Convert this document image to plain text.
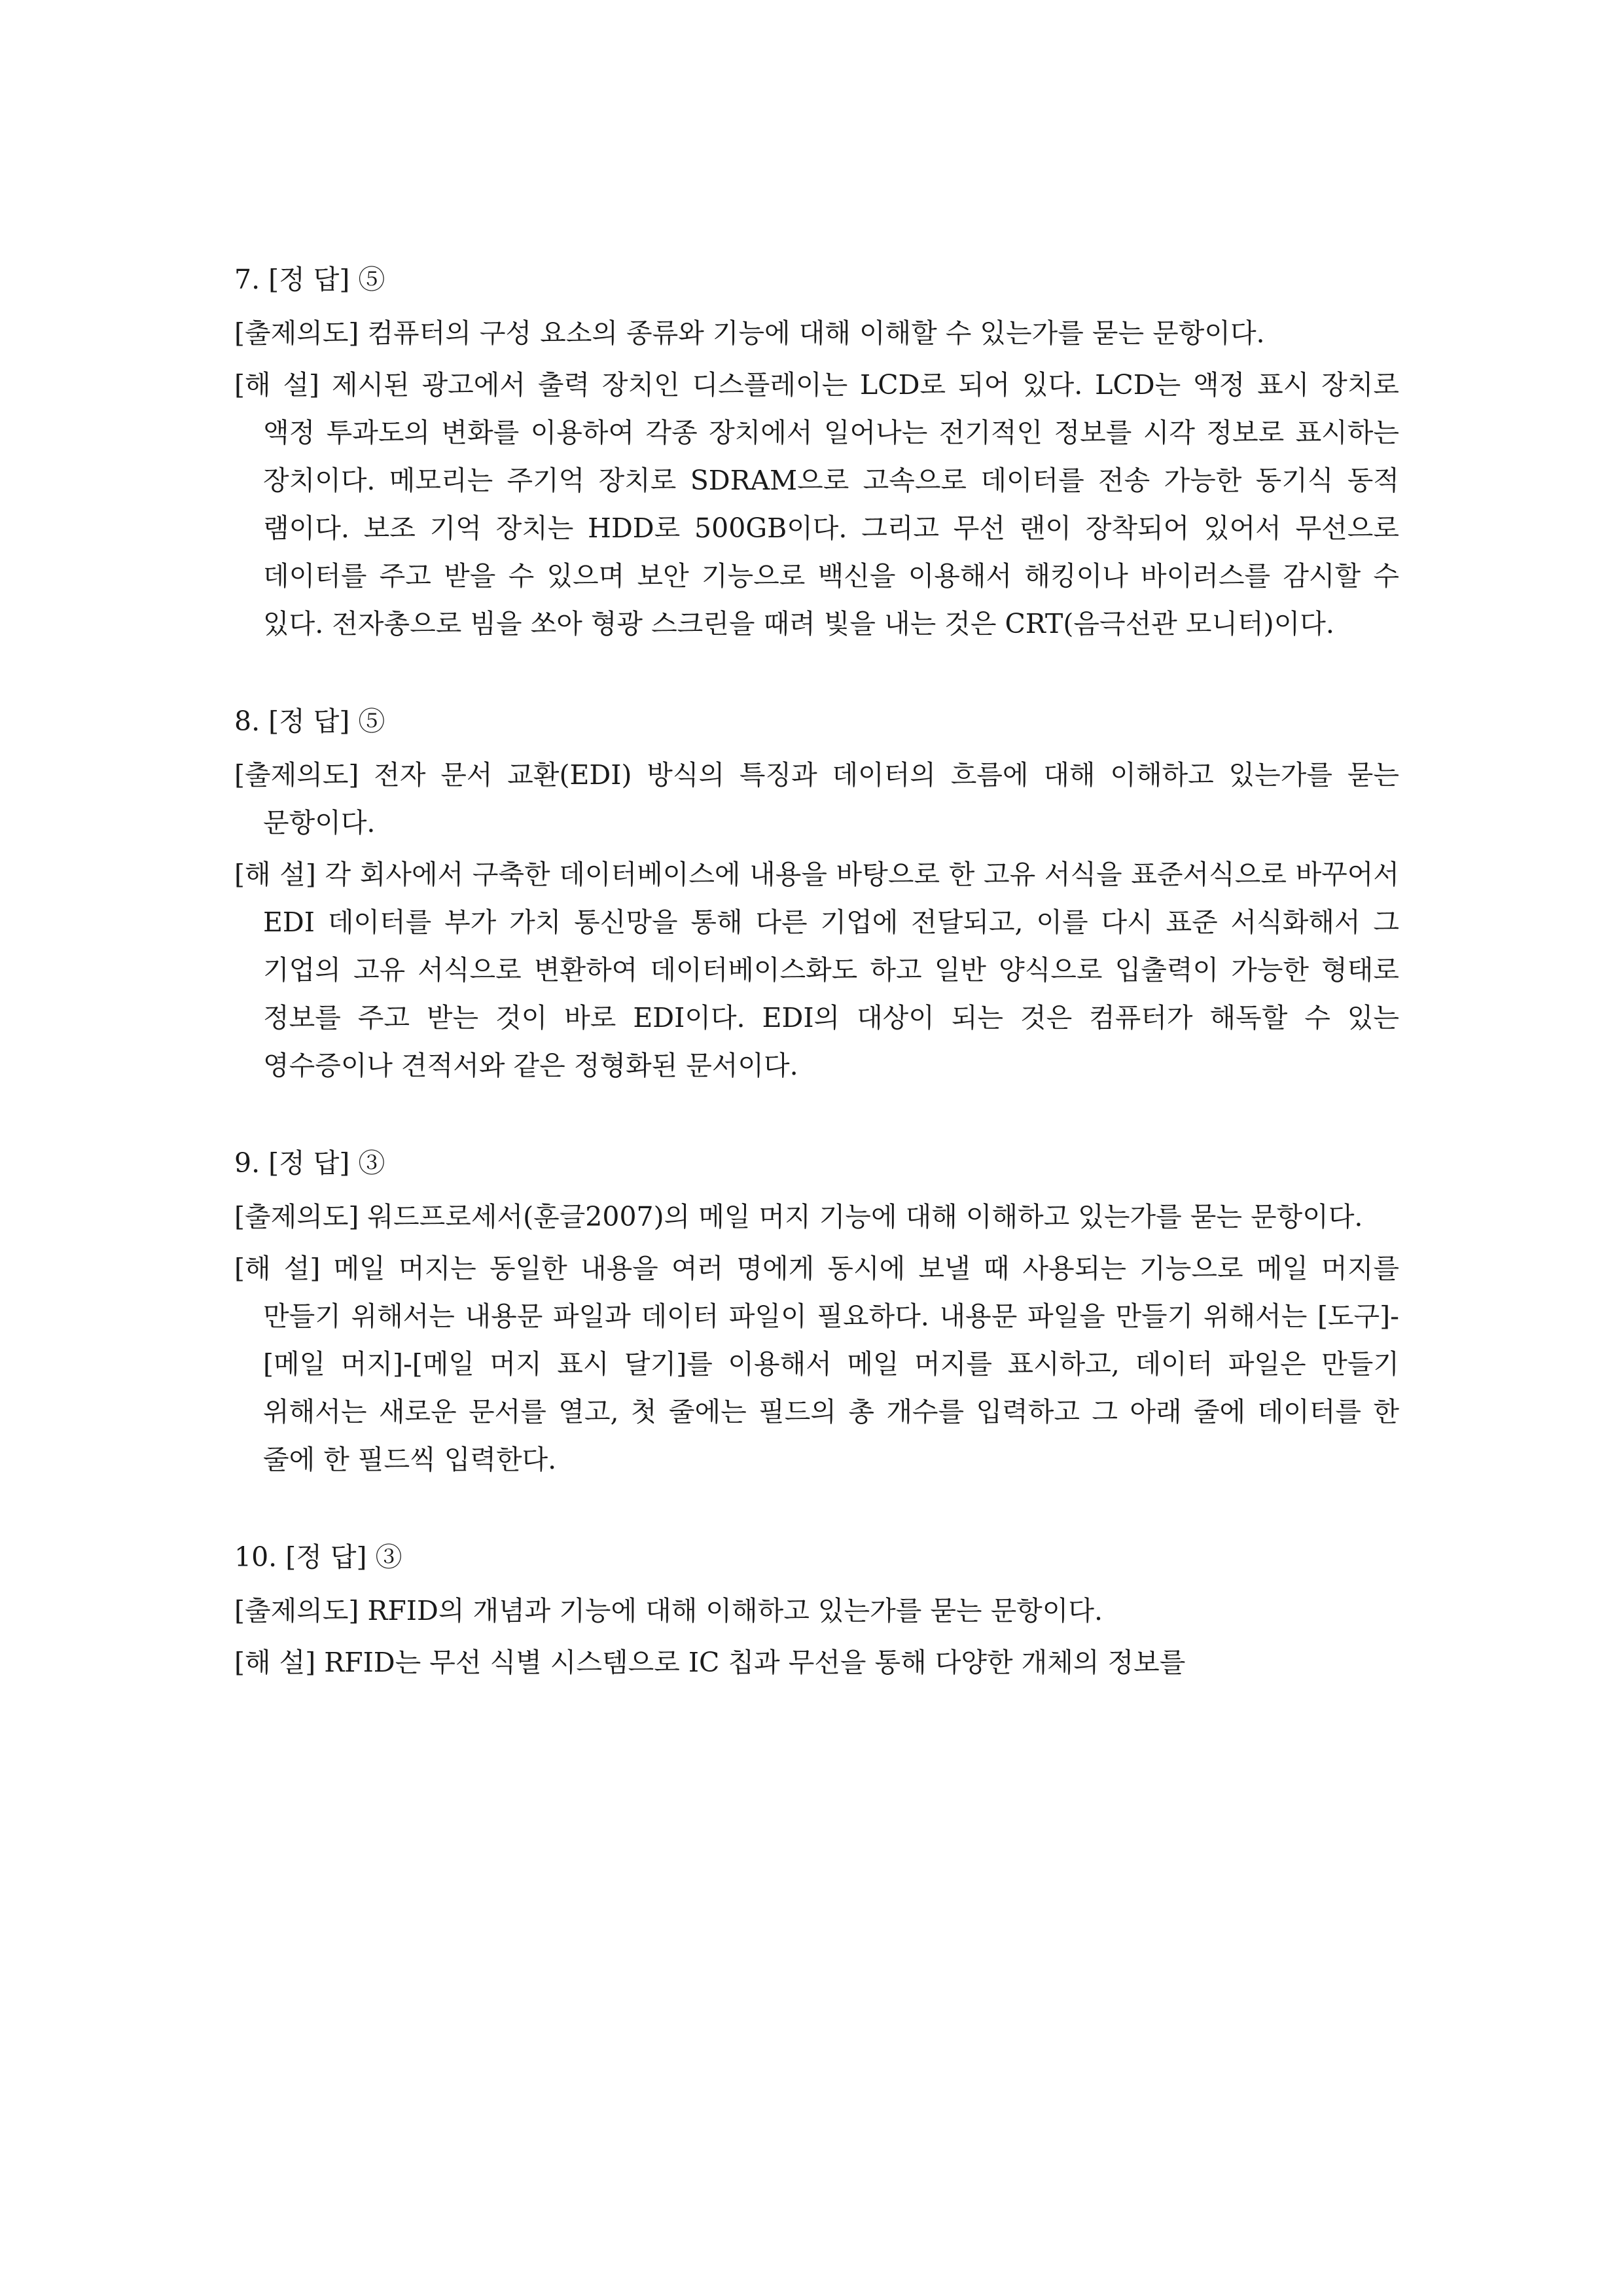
7. [정 답] ⑤

[출제의도] 컴퓨터의 구성 요소의 종류와 기능에 대해 이해할 수 있는가를 묻는 문항이다.

[해 설] 제시된 광고에서 출력 장치인 디스플레이는 LCD로 되어 있다. LCD는 액정 표시 장치로 액정 투과도의 변화를 이용하여 각종 장치에서 일어나는 전기적인 정보를 시각 정보로 표시하는 장치이다. 메모리는 주기억 장치로 SDRAM으로 고속으로 데이터를 전송 가능한 동기식 동적 램이다. 보조 기억 장치는 HDD로 500GB이다. 그리고 무선 랜이 장착되어 있어서 무선으로 데이터를 주고 받을 수 있으며 보안 기능으로 백신을 이용해서 해킹이나 바이러스를 감시할 수 있다. 전자총으로 빔을 쏘아 형광 스크린을 때려 빛을 내는 것은 CRT(음극선관 모니터)이다.

8. [정 답] ⑤

[출제의도] 전자 문서 교환(EDI) 방식의 특징과 데이터의 흐름에 대해 이해하고 있는가를 묻는 문항이다.

[해 설] 각 회사에서 구축한 데이터베이스에 내용을 바탕으로 한 고유 서식을 표준서식으로 바꾸어서 EDI 데이터를 부가 가치 통신망을 통해 다른 기업에 전달되고, 이를 다시 표준 서식화해서 그 기업의 고유 서식으로 변환하여 데이터베이스화도 하고 일반 양식으로 입출력이 가능한 형태로 정보를 주고 받는 것이 바로 EDI이다. EDI의 대상이 되는 것은 컴퓨터가 해독할 수 있는 영수증이나 견적서와 같은 정형화된 문서이다.

9. [정 답] ③

[출제의도] 워드프로세서(훈글2007)의 메일 머지 기능에 대해 이해하고 있는가를 묻는 문항이다.

[해 설] 메일 머지는 동일한 내용을 여러 명에게 동시에 보낼 때 사용되는 기능으로 메일 머지를 만들기 위해서는 내용문 파일과 데이터 파일이 필요하다. 내용문 파일을 만들기 위해서는 [도구]-[메일 머지]-[메일 머지 표시 달기]를 이용해서 메일 머지를 표시하고, 데이터 파일은 만들기 위해서는 새로운 문서를 열고, 첫 줄에는 필드의 총 개수를 입력하고 그 아래 줄에 데이터를 한 줄에 한 필드씩 입력한다.

10. [정 답] ③

[출제의도] RFID의 개념과 기능에 대해 이해하고 있는가를 묻는 문항이다.

[해 설] RFID는 무선 식별 시스템으로 IC 칩과 무선을 통해 다양한 개체의 정보를
